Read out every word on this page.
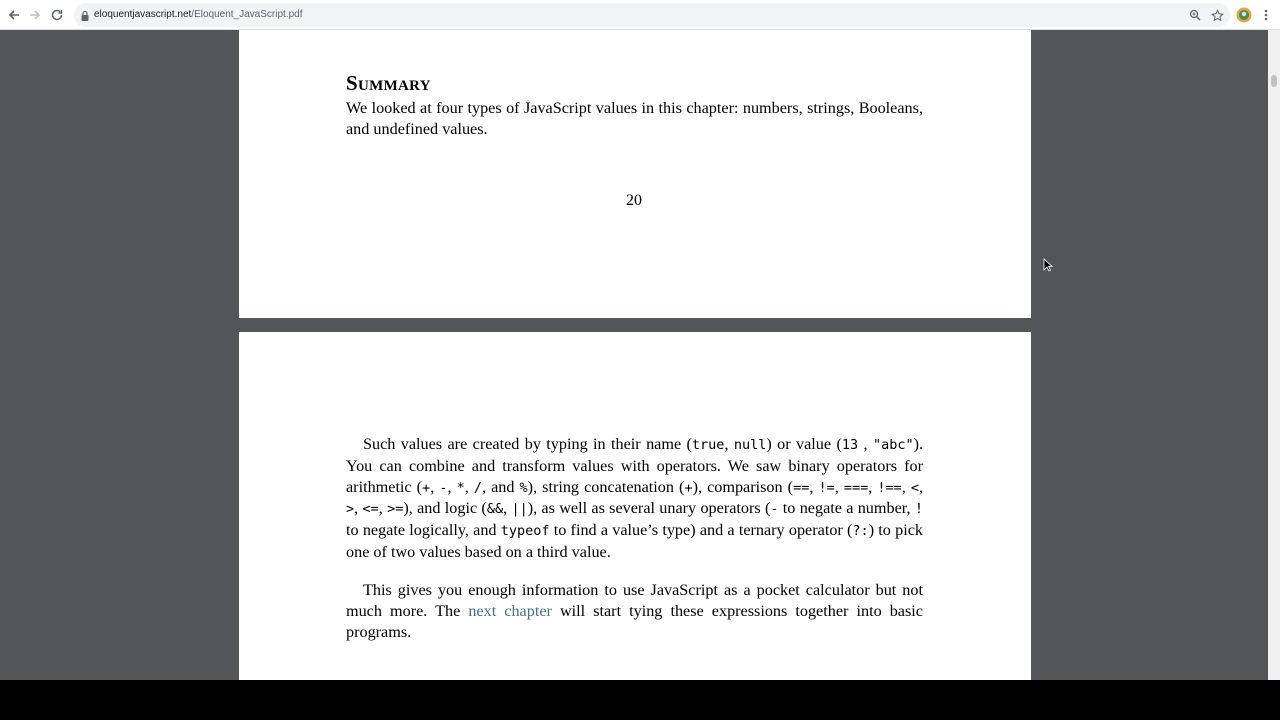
eloquentjavascript.net/Eloquent_JavaScript.pdf
Summary
We looked at four types of JavaScript values in this chapter: numbers, strings, Booleans, and undefined values.
20
Such values are created by typing in their name (true, null) or value (13 , "abc"). You can combine and transform values with operators. We saw binary operators for arithmetic (+, -, *, /, and %), string concatenation (+), comparison (==, !=, ===, !==, <, >, <=, >=), and logic (&&, ||), as well as several unary operators (- to negate a number, ! to negate logically, and typeof to find a value’s type) and a ternary operator (?:) to pick one of two values based on a third value.
This gives you enough information to use JavaScript as a pocket calculator but not much more. The next chapter will start tying these expressions together into basic programs.
